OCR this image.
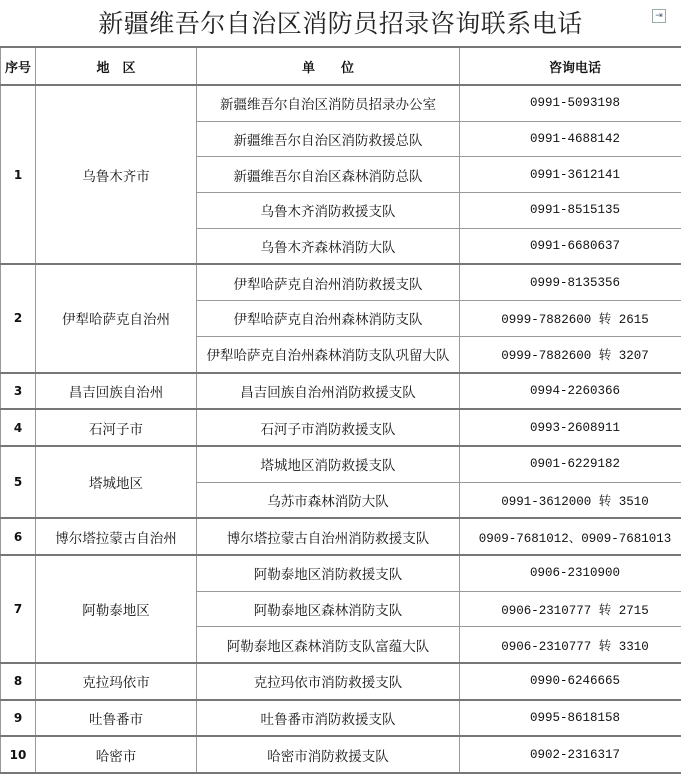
新疆维吾尔自治区消防员招录咨询联系电话	⇥
序号	地　区	单　　位	咨询电话
1	乌鲁木齐市	新疆维吾尔自治区消防员招录办公室	0991-5093198
		新疆维吾尔自治区消防救援总队	0991-4688142
		新疆维吾尔自治区森林消防总队	0991-3612141
		乌鲁木齐消防救援支队	0991-8515135
		乌鲁木齐森林消防大队	0991-6680637
2	伊犁哈萨克自治州	伊犁哈萨克自治州消防救援支队	0999-8135356
		伊犁哈萨克自治州森林消防支队	0999-7882600 转 2615
		伊犁哈萨克自治州森林消防支队巩留大队	0999-7882600 转 3207
3	昌吉回族自治州	昌吉回族自治州消防救援支队	0994-2260366
4	石河子市	石河子市消防救援支队	0993-2608911
5	塔城地区	塔城地区消防救援支队	0901-6229182
		乌苏市森林消防大队	0991-3612000 转 3510
6	博尔塔拉蒙古自治州	博尔塔拉蒙古自治州消防救援支队	0909-7681012、0909-7681013
7	阿勒泰地区	阿勒泰地区消防救援支队	0906-2310900
		阿勒泰地区森林消防支队	0906-2310777 转 2715
		阿勒泰地区森林消防支队富蕴大队	0906-2310777 转 3310
8	克拉玛依市	克拉玛依市消防救援支队	0990-6246665
9	吐鲁番市	吐鲁番市消防救援支队	0995-8618158
10	哈密市	哈密市消防救援支队	0902-2316317
